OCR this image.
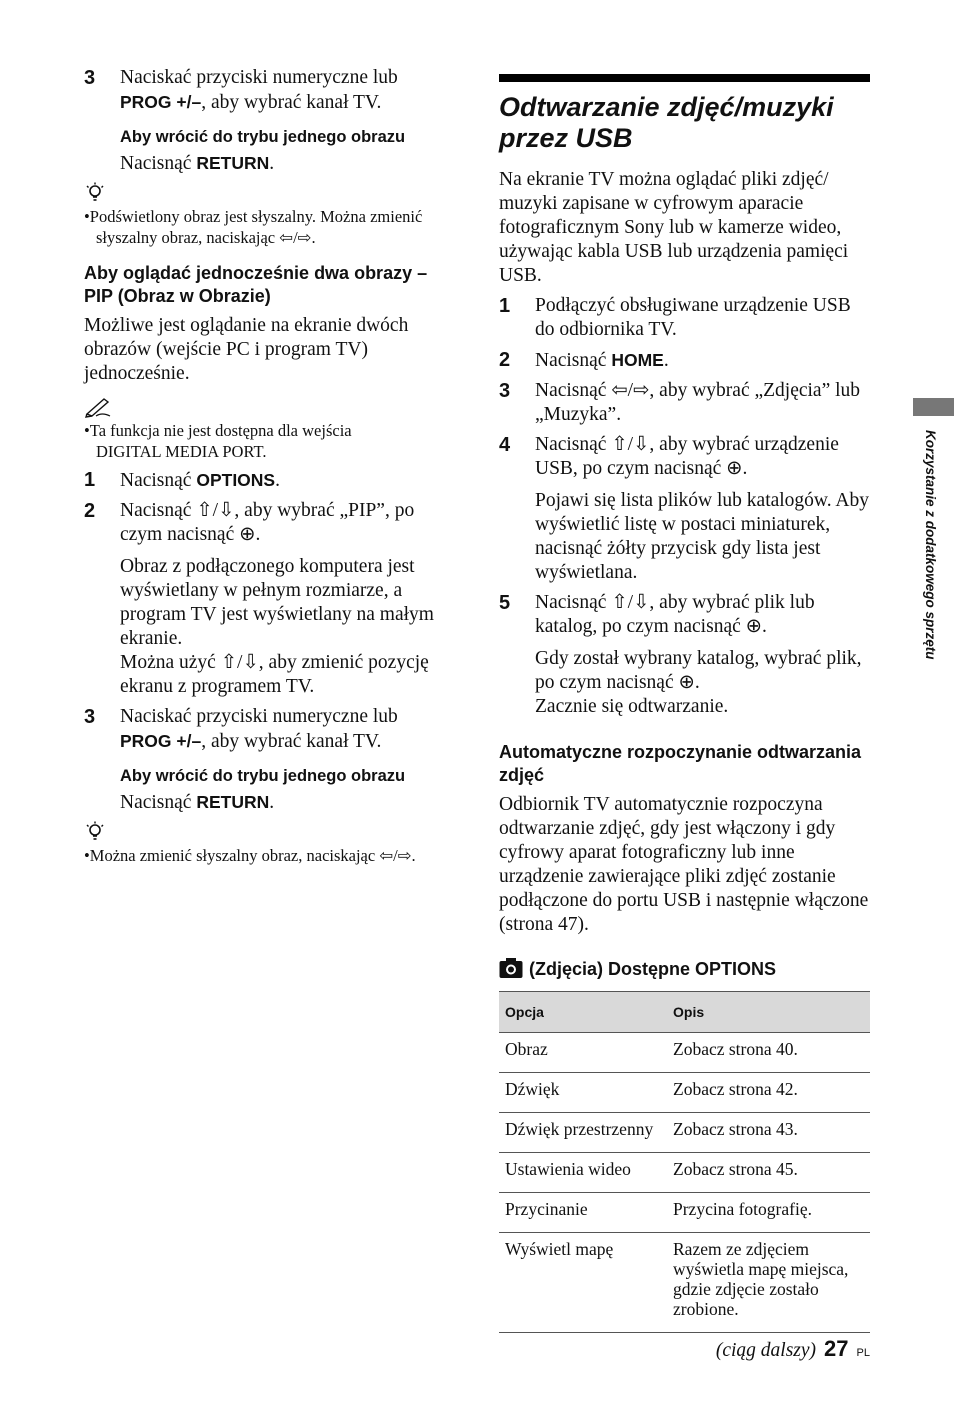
3 Naciskać przyciski numeryczne lub PROG +/–, aby wybrać kanał TV.
Aby wrócić do trybu jednego obrazu

Nacisnąć RETURN.

•Podświetlony obraz jest słyszalny. Można zmienić słyszalny obraz, naciskając ⇦/⇨.

Aby oglądać jednocześnie dwa obrazy – PIP (Obraz w Obrazie)

Możliwe jest oglądanie na ekranie dwóch obrazów (wejście PC i program TV) jednocześnie.

•Ta funkcja nie jest dostępna dla wejścia
DIGITAL MEDIA PORT.

1 Nacisnąć OPTIONS.
2 Nacisnąć ⇧/⇩, aby wybrać „PIP”, po czym nacisnąć ⊕.

Obraz z podłączonego komputera jest wyświetlany w pełnym rozmiarze, a program TV jest wyświetlany na małym ekranie.

Można użyć ⇧/⇩, aby zmienić pozycję ekranu z programem TV.

3 Naciskać przyciski numeryczne lub PROG +/–, aby wybrać kanał TV.
Aby wrócić do trybu jednego obrazu

Nacisnąć RETURN.

•Można zmienić słyszalny obraz, naciskając ⇦/⇨.

Odtwarzanie zdjęć/muzyki przez USB

Na ekranie TV można oglądać pliki zdjęć/ muzyki zapisane w cyfrowym aparacie fotograficznym Sony lub w kamerze wideo, używając kabla USB lub urządzenia pamięci USB.

1 Podłączyć obsługiwane urządzenie USB do odbiornika TV.
2 Nacisnąć HOME.
3 Nacisnąć ⇦/⇨, aby wybrać „Zdjęcia” lub „Muzyka”.
4 Nacisnąć ⇧/⇩, aby wybrać urządzenie USB, po czym nacisnąć ⊕.

Pojawi się lista plików lub katalogów. Aby wyświetlić listę w postaci miniaturek, nacisnąć żółty przycisk gdy lista jest wyświetlana.

5 Nacisnąć ⇧/⇩, aby wybrać plik lub katalog, po czym nacisnąć ⊕.

Gdy został wybrany katalog, wybrać plik, po czym nacisnąć ⊕.

Zacznie się odtwarzanie.

Automatyczne rozpoczynanie odtwarzania zdjęć

Odbiornik TV automatycznie rozpoczyna odtwarzanie zdjęć, gdy jest włączony i gdy cyfrowy aparat fotograficzny lub inne urządzenie zawierające pliki zdjęć zostanie podłączone do portu USB i następnie włączone (strona 47).

(Zdjęcia) Dostępne OPTIONS
Opcja	Opis
Obraz	Zobacz strona 40.
Dźwięk	Zobacz strona 42.
Dźwięk przestrzenny	Zobacz strona 43.
Ustawienia wideo	Zobacz strona 45.
Przycinanie	Przycina fotografię.
Wyświetl mapę	Razem ze zdjęciem wyświetla mapę miejsca, gdzie zdjęcie zostało zrobione.
Korzystanie z dodatkowego sprzętu
(ciąg dalszy) 27 PL
